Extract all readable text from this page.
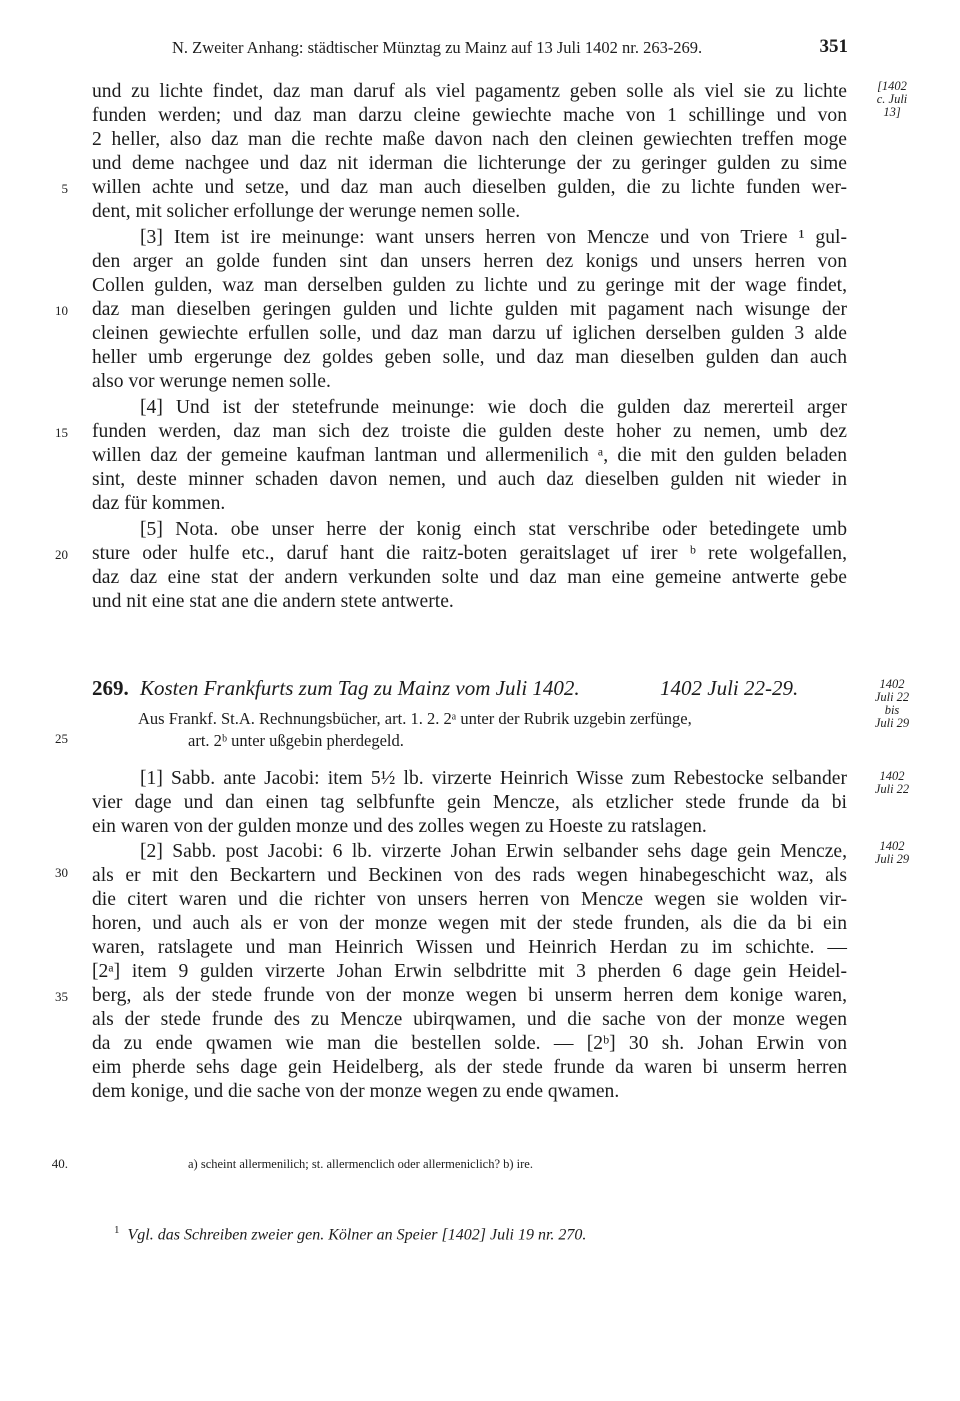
N. Zweiter Anhang: städtischer Münztag zu Mainz auf 13 Juli 1402 nr. 263-269.	351
und zu lichte findet, daz man daruf als viel pagamentz geben solle als viel sie zu lichte
funden werden; und daz man darzu cleine gewiechte mache von 1 schillinge und von
2 heller, also daz man die rechte maße davon nach den cleinen gewiechten treffen moge
und deme nachgee und daz nit iderman die lichterunge der zu geringer gulden zu sime
willen achte und setze, und daz man auch dieselben gulden, die zu lichte funden wer-
dent, mit solicher erfollunge der werunge nemen solle.
[3] Item ist ire meinunge: want unsers herren von Mencze und von Triere ¹ gul-
den arger an golde funden sint dan unsers herren dez konigs und unsers herren von
Collen gulden, waz man derselben gulden zu lichte und zu geringe mit der wage findet,
daz man dieselben geringen gulden und lichte gulden mit pagament nach wisunge der
cleinen gewiechte erfullen solle, und daz man darzu uf iglichen derselben gulden 3 alde
heller umb ergerunge dez goldes geben solle, und daz man dieselben gulden dan auch
also vor werunge nemen solle.
[4] Und ist der stetefrunde meinunge: wie doch die gulden daz mererteil arger
funden werden, daz man sich dez troiste die gulden deste hoher zu nemen, umb dez
willen daz der gemeine kaufman lantman und allermenilich ᵃ, die mit den gulden beladen
sint, deste minner schaden davon nemen, und auch daz dieselben gulden nit wieder in
daz für kommen.
[5] Nota. obe unser herre der konig einch stat verschribe oder betedingete umb
sture oder hulfe etc., daruf hant die raitz-boten geraitslaget uf irer ᵇ rete wolgefallen,
daz daz eine stat der andern verkunden solte und daz man eine gemeine antwerte gebe
und nit eine stat ane die andern stete antwerte.
5
10
15
20
25
30
35
40.
[1402
c. Juli
13]
1402
Juli 22
bis
Juli 29
1402
Juli 22
1402
Juli 29
269. Kosten Frankfurts zum Tag zu Mainz vom Juli 1402.	1402 Juli 22-29.
Aus Frankf. St.A. Rechnungsbücher, art. 1. 2. 2ᵃ unter der Rubrik uzgebin zerfünge,
art. 2ᵇ unter ußgebin pherdegeld.
[1] Sabb. ante Jacobi: item 5½ lb. virzerte Heinrich Wisse zum Rebestocke selbander
vier dage und dan einen tag selbfunfte gein Mencze, als etzlicher stede frunde da bi
ein waren von der gulden monze und des zolles wegen zu Hoeste zu ratslagen.
[2] Sabb. post Jacobi: 6 lb. virzerte Johan Erwin selbander sehs dage gein Mencze,
als er mit den Beckartern und Beckinen von des rads wegen hinabegeschicht waz, als
die citert waren und die richter von unsers herren von Mencze wegen sie wolden vir-
horen, und auch als er von der monze wegen mit der stede frunden, als die da bi ein
waren, ratslagete und man Heinrich Wissen und Heinrich Herdan zu im schichte. —
[2ᵃ] item 9 gulden virzerte Johan Erwin selbdritte mit 3 pherden 6 dage gein Heidel-
berg, als der stede frunde von der monze wegen bi unserm herren dem konige waren,
als der stede frunde des zu Mencze ubirqwamen, und die sache von der monze wegen
da zu ende qwamen wie man die bestellen solde. — [2ᵇ] 30 sh. Johan Erwin von
eim pherde sehs dage gein Heidelberg, als der stede frunde da waren bi unserm herren
dem konige, und die sache von der monze wegen zu ende qwamen.
a) scheint allermenilich; st. allermenclich oder allermeniclich? b) ire.
$^1$ Vgl. das Schreiben zweier gen. Kölner an Speier [1402] Juli 19 nr. 270.
